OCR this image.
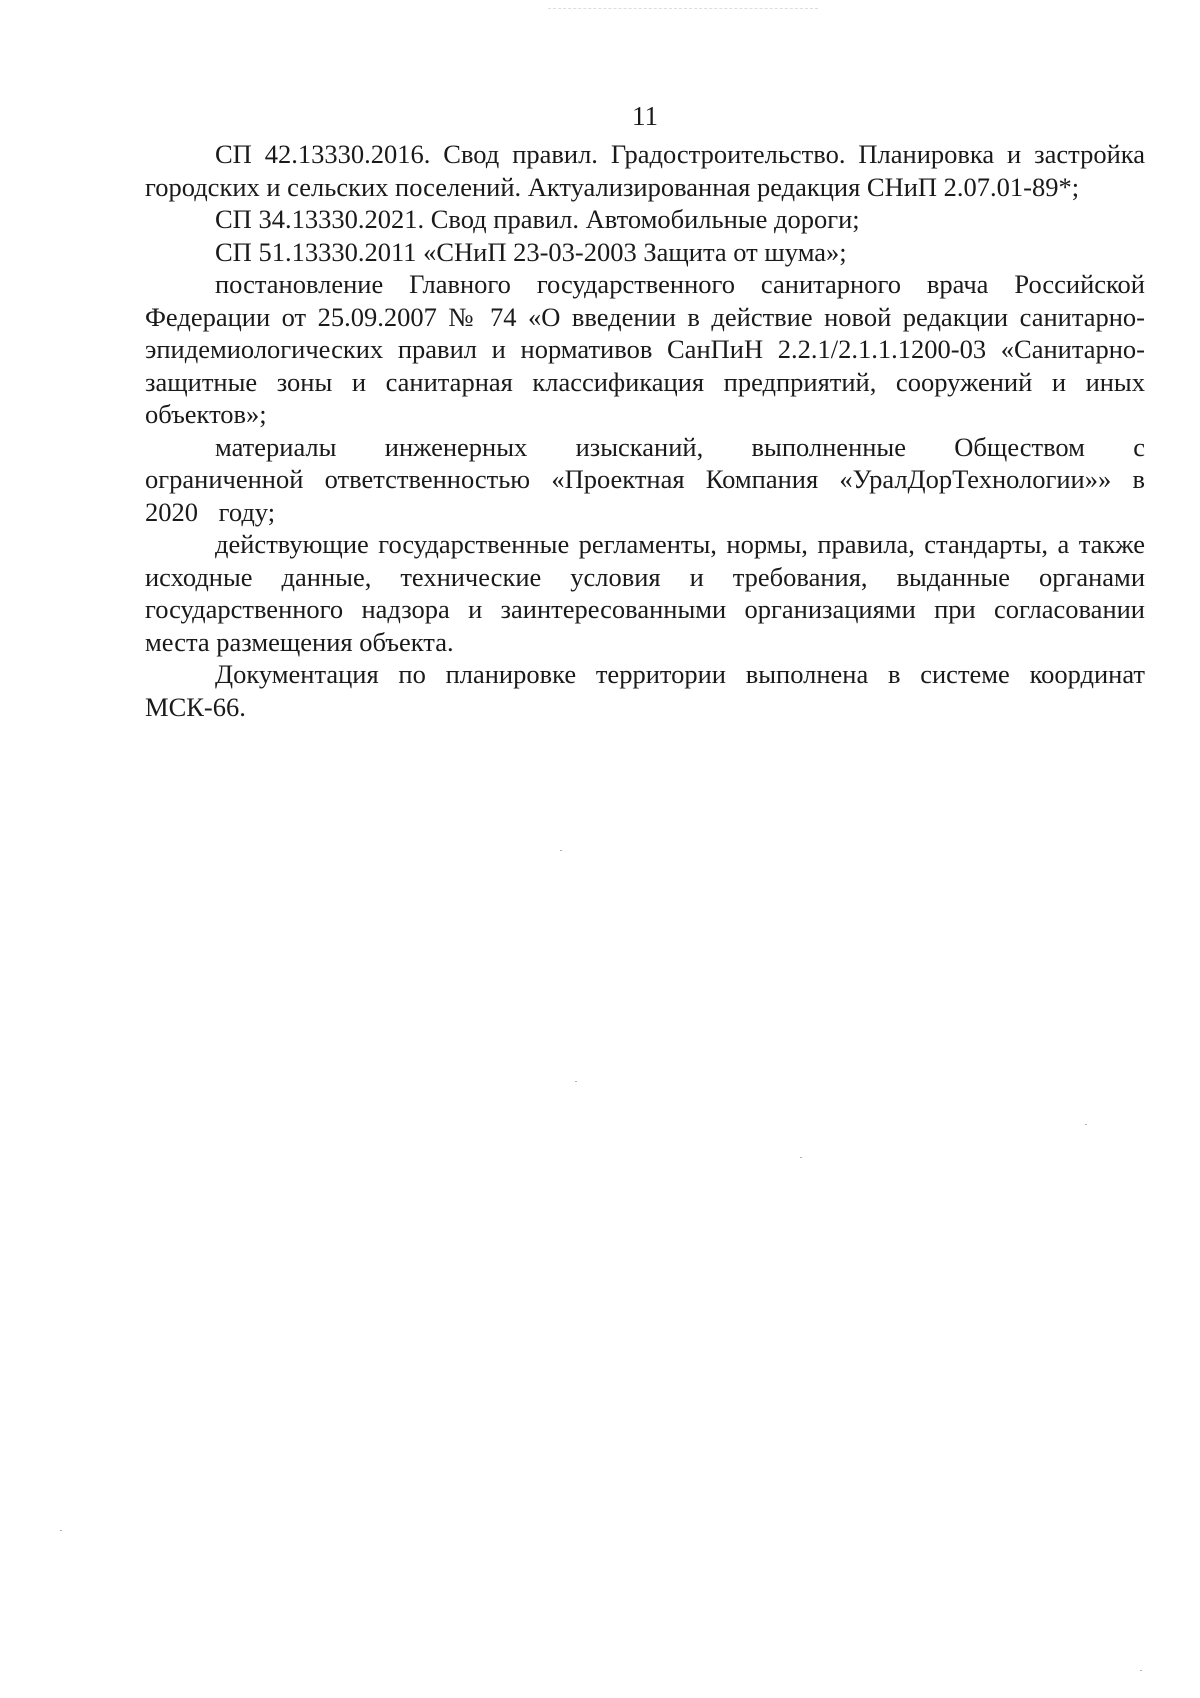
11

СП 42.13330.2016. Свод правил. Градостроительство. Планировка и застройка городских и сельских поселений. Актуализированная редакция СНиП 2.07.01-89*;

СП 34.13330.2021. Свод правил. Автомобильные дороги;

СП 51.13330.2011 «СНиП 23-03-2003 Защита от шума»;

постановление Главного государственного санитарного врача Российской Федерации от 25.09.2007 № 74 «О введении в действие новой редакции санитарно-эпидемиологических правил и нормативов СанПиН 2.2.1/2.1.1.1200-03 «Санитарно-защитные зоны и санитарная классификация предприятий, сооружений и иных объектов»;

материалы инженерных изысканий, выполненные Обществом с ограниченной ответственностью «Проектная Компания «УралДорТехнологии»» в 2020 году;

действующие государственные регламенты, нормы, правила, стандарты, а также исходные данные, технические условия и требования, выданные органами государственного надзора и заинтересованными организациями при согласовании места размещения объекта.

Документация по планировке территории выполнена в системе координат МСК-66.
